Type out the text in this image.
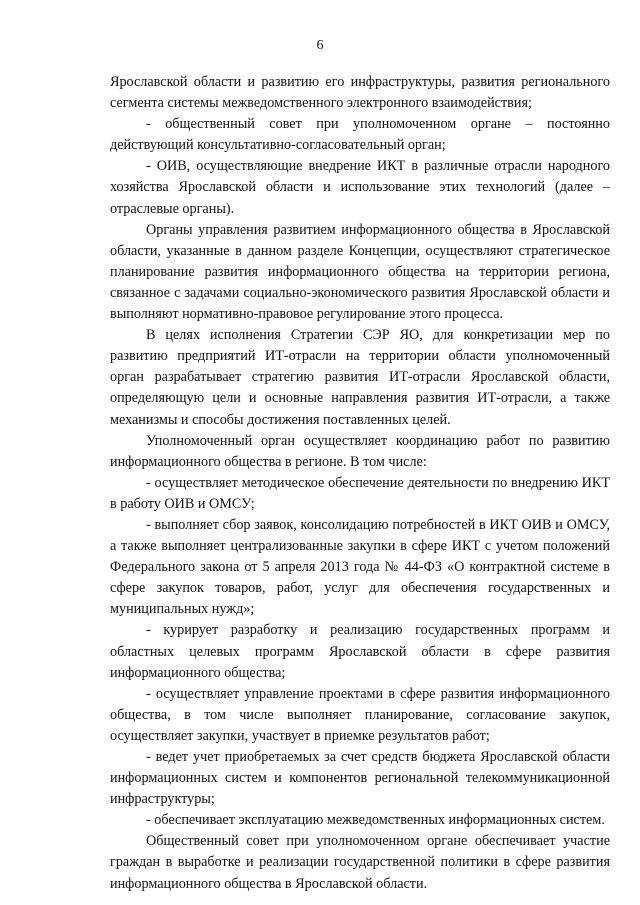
6

Ярославской области и развитию его инфраструктуры, развития регионального сегмента системы межведомственного электронного взаимодействия;

- общественный совет при уполномоченном органе – постоянно действующий консультативно-согласовательный орган;

- ОИВ, осуществляющие внедрение ИКТ в различные отрасли народного хозяйства Ярославской области и использование этих технологий (далее – отраслевые органы).

Органы управления развитием информационного общества в Ярославской области, указанные в данном разделе Концепции, осуществляют стратегическое планирование развития информационного общества на территории региона, связанное с задачами социально-экономического развития Ярославской области и выполняют нормативно-правовое регулирование этого процесса.

В целях исполнения Стратегии СЭР ЯО, для конкретизации мер по развитию предприятий ИТ-отрасли на территории области уполномоченный орган разрабатывает стратегию развития ИТ-отрасли Ярославской области, определяющую цели и основные направления развития ИТ-отрасли, а также механизмы и способы достижения поставленных целей.

Уполномоченный орган осуществляет координацию работ по развитию информационного общества в регионе. В том числе:

- осуществляет методическое обеспечение деятельности по внедрению ИКТ в работу ОИВ и ОМСУ;

- выполняет сбор заявок, консолидацию потребностей в ИКТ ОИВ и ОМСУ, а также выполняет централизованные закупки в сфере ИКТ с учетом положений Федерального закона от 5 апреля 2013 года № 44-ФЗ «О контрактной системе в сфере закупок товаров, работ, услуг для обеспечения государственных и муниципальных нужд»;

- курирует разработку и реализацию государственных программ и областных целевых программ Ярославской области в сфере развития информационного общества;

- осуществляет управление проектами в сфере развития информационного общества, в том числе выполняет планирование, согласование закупок, осуществляет закупки, участвует в приемке результатов работ;

- ведет учет приобретаемых за счет средств бюджета Ярославской области информационных систем и компонентов региональной телекоммуникационной инфраструктуры;

- обеспечивает эксплуатацию межведомственных информационных систем.

Общественный совет при уполномоченном органе обеспечивает участие граждан в выработке и реализации государственной политики в сфере развития информационного общества в Ярославской области.
